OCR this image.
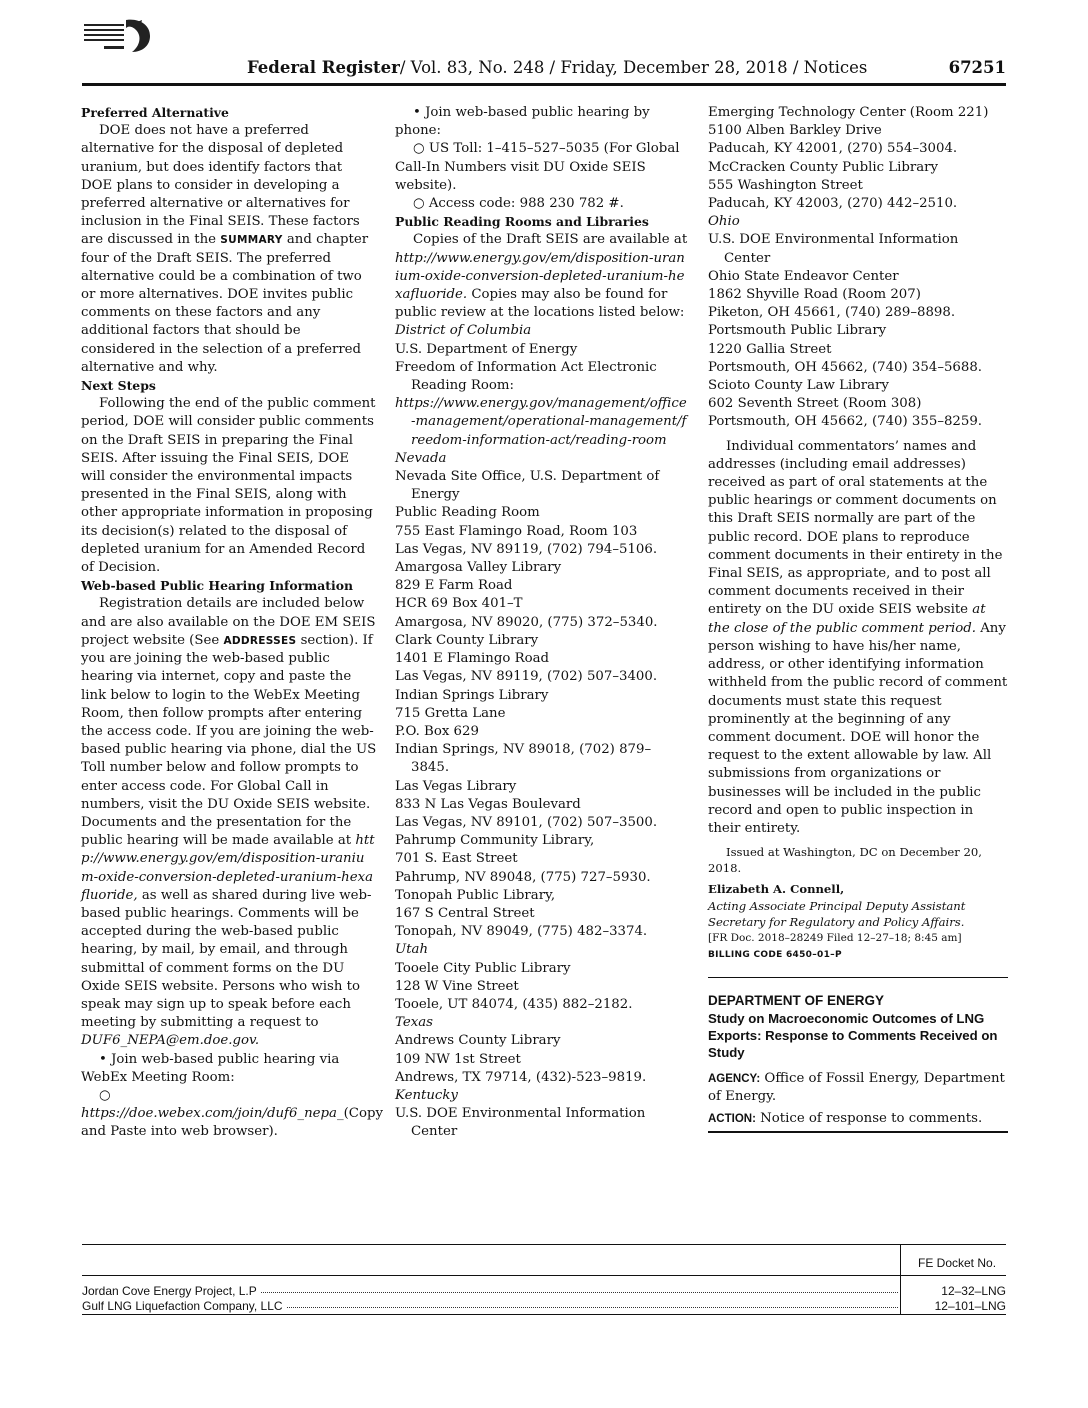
Federal Register/ Vol. 83, No. 248 / Friday, December 28, 2018 / Notices	67251

Preferred Alternative

DOE does not have a preferred alternative for the disposal of depleted uranium, but does identify factors that DOE plans to consider in developing a preferred alternative or alternatives for inclusion in the Final SEIS. These factors are discussed in the SUMMARY and chapter four of the Draft SEIS. The preferred alternative could be a combination of two or more alternatives. DOE invites public comments on these factors and any additional factors that should be considered in the selection of a preferred alternative and why.

Next Steps

Following the end of the public comment period, DOE will consider public comments on the Draft SEIS in preparing the Final SEIS. After issuing the Final SEIS, DOE will consider the environmental impacts presented in the Final SEIS, along with other appropriate information in proposing its decision(s) related to the disposal of depleted uranium for an Amended Record of Decision.

Web-based Public Hearing Information

Registration details are included below and are also available on the DOE EM SEIS project website (See ADDRESSES section). If you are joining the web-based public hearing via internet, copy and paste the link below to login to the WebEx Meeting Room, then follow prompts after entering the access code. If you are joining the web-based public hearing via phone, dial the US Toll number below and follow prompts to enter access code. For Global Call in numbers, visit the DU Oxide SEIS website. Documents and the presentation for the public hearing will be made available at http://www.energy.gov/em/disposition-uranium-oxide-conversion-depleted-uranium-hexafluoride, as well as shared during live web-based public hearings. Comments will be accepted during the web-based public hearing, by mail, by email, and through submittal of comment forms on the DU Oxide SEIS website. Persons who wish to speak may sign up to speak before each meeting by submitting a request to DUF6_NEPA@em.doe.gov.

• Join web-based public hearing via WebEx Meeting Room:

○ https://doe.webex.com/join/duf6_nepa_(Copy and Paste into web browser).

• Join web-based public hearing by phone:

○ US Toll: 1–415–527–5035 (For Global Call-In Numbers visit DU Oxide SEIS website).

○ Access code: 988 230 782 #.

Public Reading Rooms and Libraries

Copies of the Draft SEIS are available at http://www.energy.gov/em/disposition-uranium-oxide-conversion-depleted-uranium-hexafluoride. Copies may also be found for public review at the locations listed below:

District of Columbia

U.S. Department of Energy

Freedom of Information Act Electronic Reading Room:

https://www.energy.gov/management/office-management/operational-management/freedom-information-act/reading-room

Nevada

Nevada Site Office, U.S. Department of Energy

Public Reading Room

755 East Flamingo Road, Room 103

Las Vegas, NV 89119, (702) 794–5106.

Amargosa Valley Library

829 E Farm Road

HCR 69 Box 401–T

Amargosa, NV 89020, (775) 372–5340.

Clark County Library

1401 E Flamingo Road

Las Vegas, NV 89119, (702) 507–3400.

Indian Springs Library

715 Gretta Lane

P.O. Box 629

Indian Springs, NV 89018, (702) 879–3845.

Las Vegas Library

833 N Las Vegas Boulevard

Las Vegas, NV 89101, (702) 507–3500.

Pahrump Community Library,

701 S. East Street

Pahrump, NV 89048, (775) 727–5930.

Tonopah Public Library,

167 S Central Street

Tonopah, NV 89049, (775) 482–3374.

Utah

Tooele City Public Library

128 W Vine Street

Tooele, UT 84074, (435) 882–2182.

Texas

Andrews County Library

109 NW 1st Street

Andrews, TX 79714, (432)-523–9819.

Kentucky

U.S. DOE Environmental Information Center

Emerging Technology Center (Room 221)

5100 Alben Barkley Drive

Paducah, KY 42001, (270) 554–3004.

McCracken County Public Library

555 Washington Street

Paducah, KY 42003, (270) 442–2510.

Ohio

U.S. DOE Environmental Information Center

Ohio State Endeavor Center

1862 Shyville Road (Room 207)

Piketon, OH 45661, (740) 289–8898.

Portsmouth Public Library

1220 Gallia Street

Portsmouth, OH 45662, (740) 354–5688.

Scioto County Law Library

602 Seventh Street (Room 308)

Portsmouth, OH 45662, (740) 355–8259.

Individual commentators’ names and addresses (including email addresses) received as part of oral statements at the public hearings or comment documents on this Draft SEIS normally are part of the public record. DOE plans to reproduce comment documents in their entirety in the Final SEIS, as appropriate, and to post all comment documents received in their entirety on the DU oxide SEIS website at the close of the public comment period. Any person wishing to have his/her name, address, or other identifying information withheld from the public record of comment documents must state this request prominently at the beginning of any comment document. DOE will honor the request to the extent allowable by law. All submissions from organizations or businesses will be included in the public record and open to public inspection in their entirety.

Issued at Washington, DC on December 20, 2018.

Elizabeth A. Connell,

Acting Associate Principal Deputy Assistant Secretary for Regulatory and Policy Affairs.

[FR Doc. 2018–28249 Filed 12–27–18; 8:45 am]

BILLING CODE 6450–01–P

DEPARTMENT OF ENERGY

Study on Macroeconomic Outcomes of LNG Exports: Response to Comments Received on Study

AGENCY: Office of Fossil Energy, Department of Energy.

ACTION: Notice of response to comments.

FE Docket No.
Jordan Cove Energy Project, L.P	12–32–LNG
Gulf LNG Liquefaction Company, LLC	12–101–LNG
